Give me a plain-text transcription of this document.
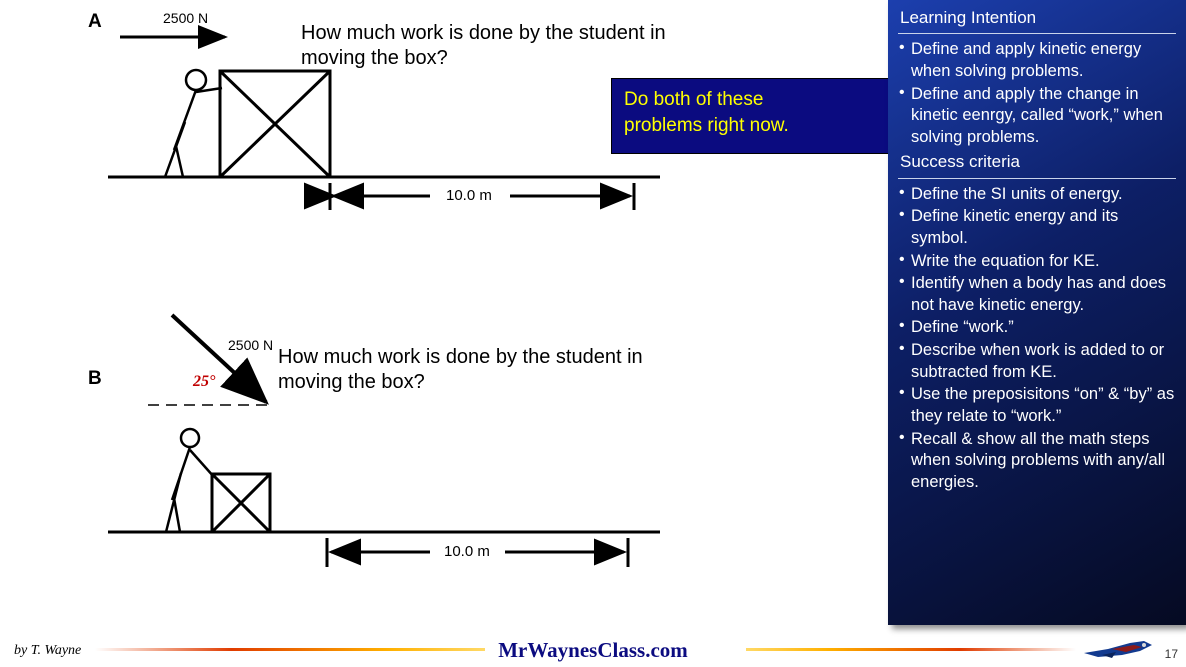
A	2500 N
How much work is done by the student in moving the box?
10.0 m
B
2500 N
25°
How much work is done by the student in moving the box?
10.0 m
Do both of these
problems right now.
Learning Intention
• Define and apply kinetic energy when solving problems.
• Define and apply the change in kinetic eenrgy, called “work,” when solving problems.
Success criteria
• Define the SI units of energy.
• Define kinetic energy and its symbol.
• Write the equation for KE.
• Identify when a body has and does not have kinetic energy.
• Define “work.”
• Describe when work is added to or subtracted from KE.
• Use the preposisitons “on” & “by” as they relate to “work.”
• Recall & show all the math steps when solving problems with any/all energies.
by T. Wayne	MrWaynesClass.com	17
